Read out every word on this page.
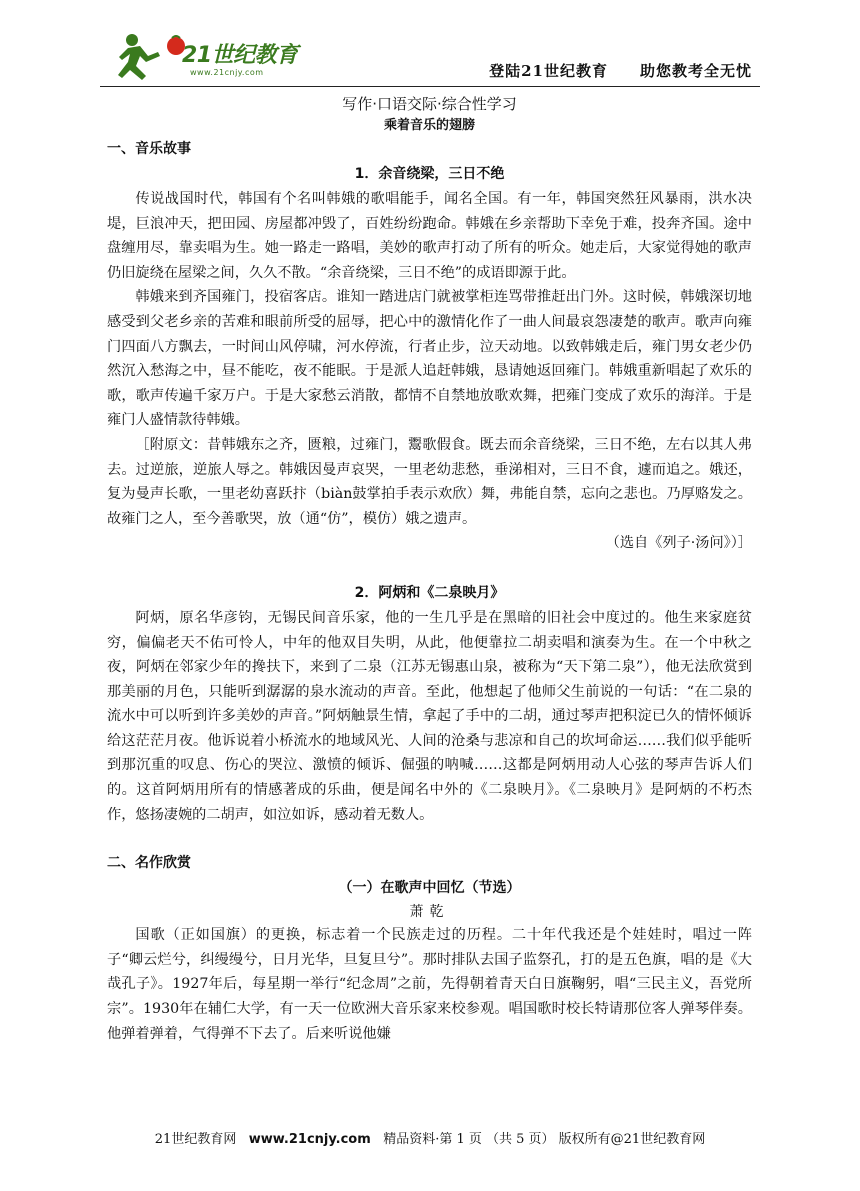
21世纪教育
www.21cnjy.com	登陆21世纪教育　　助您教考全无忧
写作·口语交际·综合性学习
乘着音乐的翅膀
一、音乐故事
1．余音绕梁，三日不绝

传说战国时代，韩国有个名叫韩娥的歌唱能手，闻名全国。有一年，韩国突然狂风暴雨，洪水决堤，巨浪冲天，把田园、房屋都冲毁了，百姓纷纷跑命。韩娥在乡亲帮助下幸免于难，投奔齐国。途中盘缠用尽，靠卖唱为生。她一路走一路唱，美妙的歌声打动了所有的听众。她走后，大家觉得她的歌声仍旧旋绕在屋梁之间，久久不散。“余音绕梁，三日不绝”的成语即源于此。

韩娥来到齐国雍门，投宿客店。谁知一踏进店门就被掌柜连骂带推赶出门外。这时候，韩娥深切地感受到父老乡亲的苦难和眼前所受的屈辱，把心中的激情化作了一曲人间最哀怨凄楚的歌声。歌声向雍门四面八方飘去，一时间山风停啸，河水停流，行者止步，泣天动地。以致韩娥走后，雍门男女老少仍然沉入愁海之中，昼不能吃，夜不能眠。于是派人追赶韩娥，恳请她返回雍门。韩娥重新唱起了欢乐的歌，歌声传遍千家万户。于是大家愁云消散，都情不自禁地放歌欢舞，把雍门变成了欢乐的海洋。于是雍门人盛情款待韩娥。

［附原文：昔韩娥东之齐，匮粮，过雍门，鬻歌假食。既去而余音绕梁，三日不绝，左右以其人弗去。过逆旅，逆旅人辱之。韩娥因曼声哀哭，一里老幼悲愁，垂涕相对，三日不食，遽而追之。娥还，复为曼声长歌，一里老幼喜跃抃（biàn鼓掌拍手表示欢欣）舞，弗能自禁，忘向之悲也。乃厚赂发之。故雍门之人，至今善歌哭，放（通“仿”，模仿）娥之遗声。

（选自《列子·汤问》）］

2．阿炳和《二泉映月》

阿炳，原名华彦钧，无锡民间音乐家，他的一生几乎是在黑暗的旧社会中度过的。他生来家庭贫穷，偏偏老天不佑可怜人，中年的他双目失明，从此，他便靠拉二胡卖唱和演奏为生。在一个中秋之夜，阿炳在邻家少年的搀扶下，来到了二泉（江苏无锡惠山泉，被称为“天下第二泉”），他无法欣赏到那美丽的月色，只能听到潺潺的泉水流动的声音。至此，他想起了他师父生前说的一句话：“在二泉的流水中可以听到许多美妙的声音。”阿炳触景生情，拿起了手中的二胡，通过琴声把积淀已久的情怀倾诉给这茫茫月夜。他诉说着小桥流水的地域风光、人间的沧桑与悲凉和自己的坎坷命运……我们似乎能听到那沉重的叹息、伤心的哭泣、激愤的倾诉、倔强的呐喊……这都是阿炳用动人心弦的琴声告诉人们的。这首阿炳用所有的情感著成的乐曲，便是闻名中外的《二泉映月》。《二泉映月》是阿炳的不朽杰作，悠扬凄婉的二胡声，如泣如诉，感动着无数人。

二、名作欣赏
（一）在歌声中回忆（节选）
萧乾

国歌（正如国旗）的更换，标志着一个民族走过的历程。二十年代我还是个娃娃时，唱过一阵子“卿云烂兮，纠缦缦兮，日月光华，旦复旦兮”。那时排队去国子监祭孔，打的是五色旗，唱的是《大哉孔子》。1927年后，每星期一举行“纪念周”之前，先得朝着青天白日旗鞠躬，唱“三民主义，吾党所宗”。1930年在辅仁大学，有一天一位欧洲大音乐家来校参观。唱国歌时校长特请那位客人弹琴伴奏。他弹着弹着，气得弹不下去了。后来听说他嫌

21世纪教育网 www.21cnjy.com 精品资料·第 1 页 （共 5 页） 版权所有@21世纪教育网
